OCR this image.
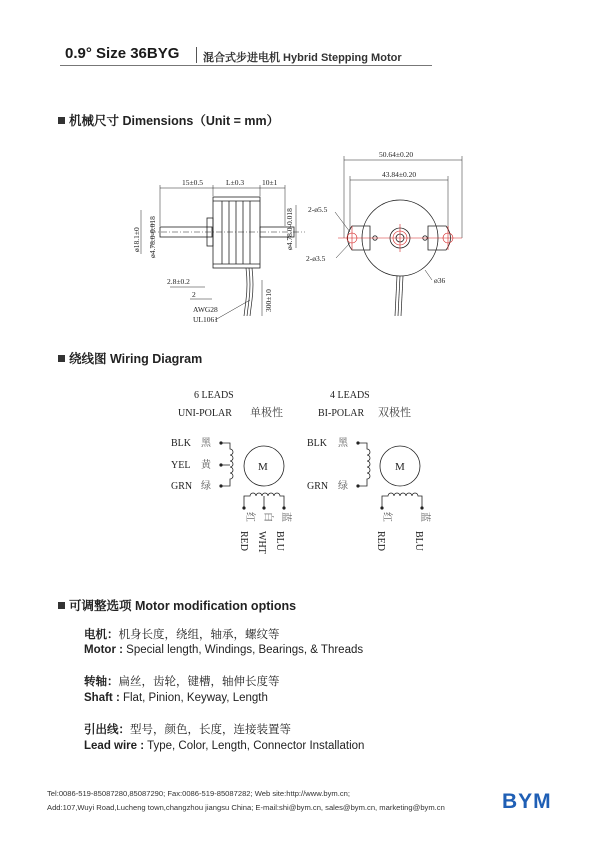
0.9° Size 36BYG 混合式步进电机 Hybrid Stepping Motor
机械尺寸 Dimensions（Unit = mm）
15±0.5	L±0.3 10±1
ø18.1±0 ø4.78.0-0.018	ø4.78.0-0.018
2.8±0.2
2	300±10
AWG28
UL1061
50.64±0.20
43.84±0.20
2-ø5.5
2-ø3.5
ø36
绕线图 Wiring Diagram
6 LEADS
UNI-POLAR 单极性
BLK 黑
YEL 黄
GRN 绿
M
红 白 蓝
RED WHT BLU
4 LEADS
BI-POLAR 双极性
BLK 黑
GRN 绿
M
红	蓝
RED	BLU
可调整选项 Motor modification options
电机：机身长度，绕组，轴承，螺纹等
Motor : Special length, Windings, Bearings, & Threads
转轴：扁丝，齿轮，键槽，轴伸长度等
Shaft : Flat, Pinion, Keyway, Length
引出线：型号，颜色，长度，连接装置等
Lead wire : Type, Color, Length, Connector Installation
Tel:0086-519-85087280,85087290; Fax:0086-519-85087282; Web site:http://www.bym.cn;
Add:107,Wuyi Road,Lucheng town,changzhou jiangsu China; E-mail:shi@bym.cn, sales@bym.cn, marketing@bym.cn	BYM
